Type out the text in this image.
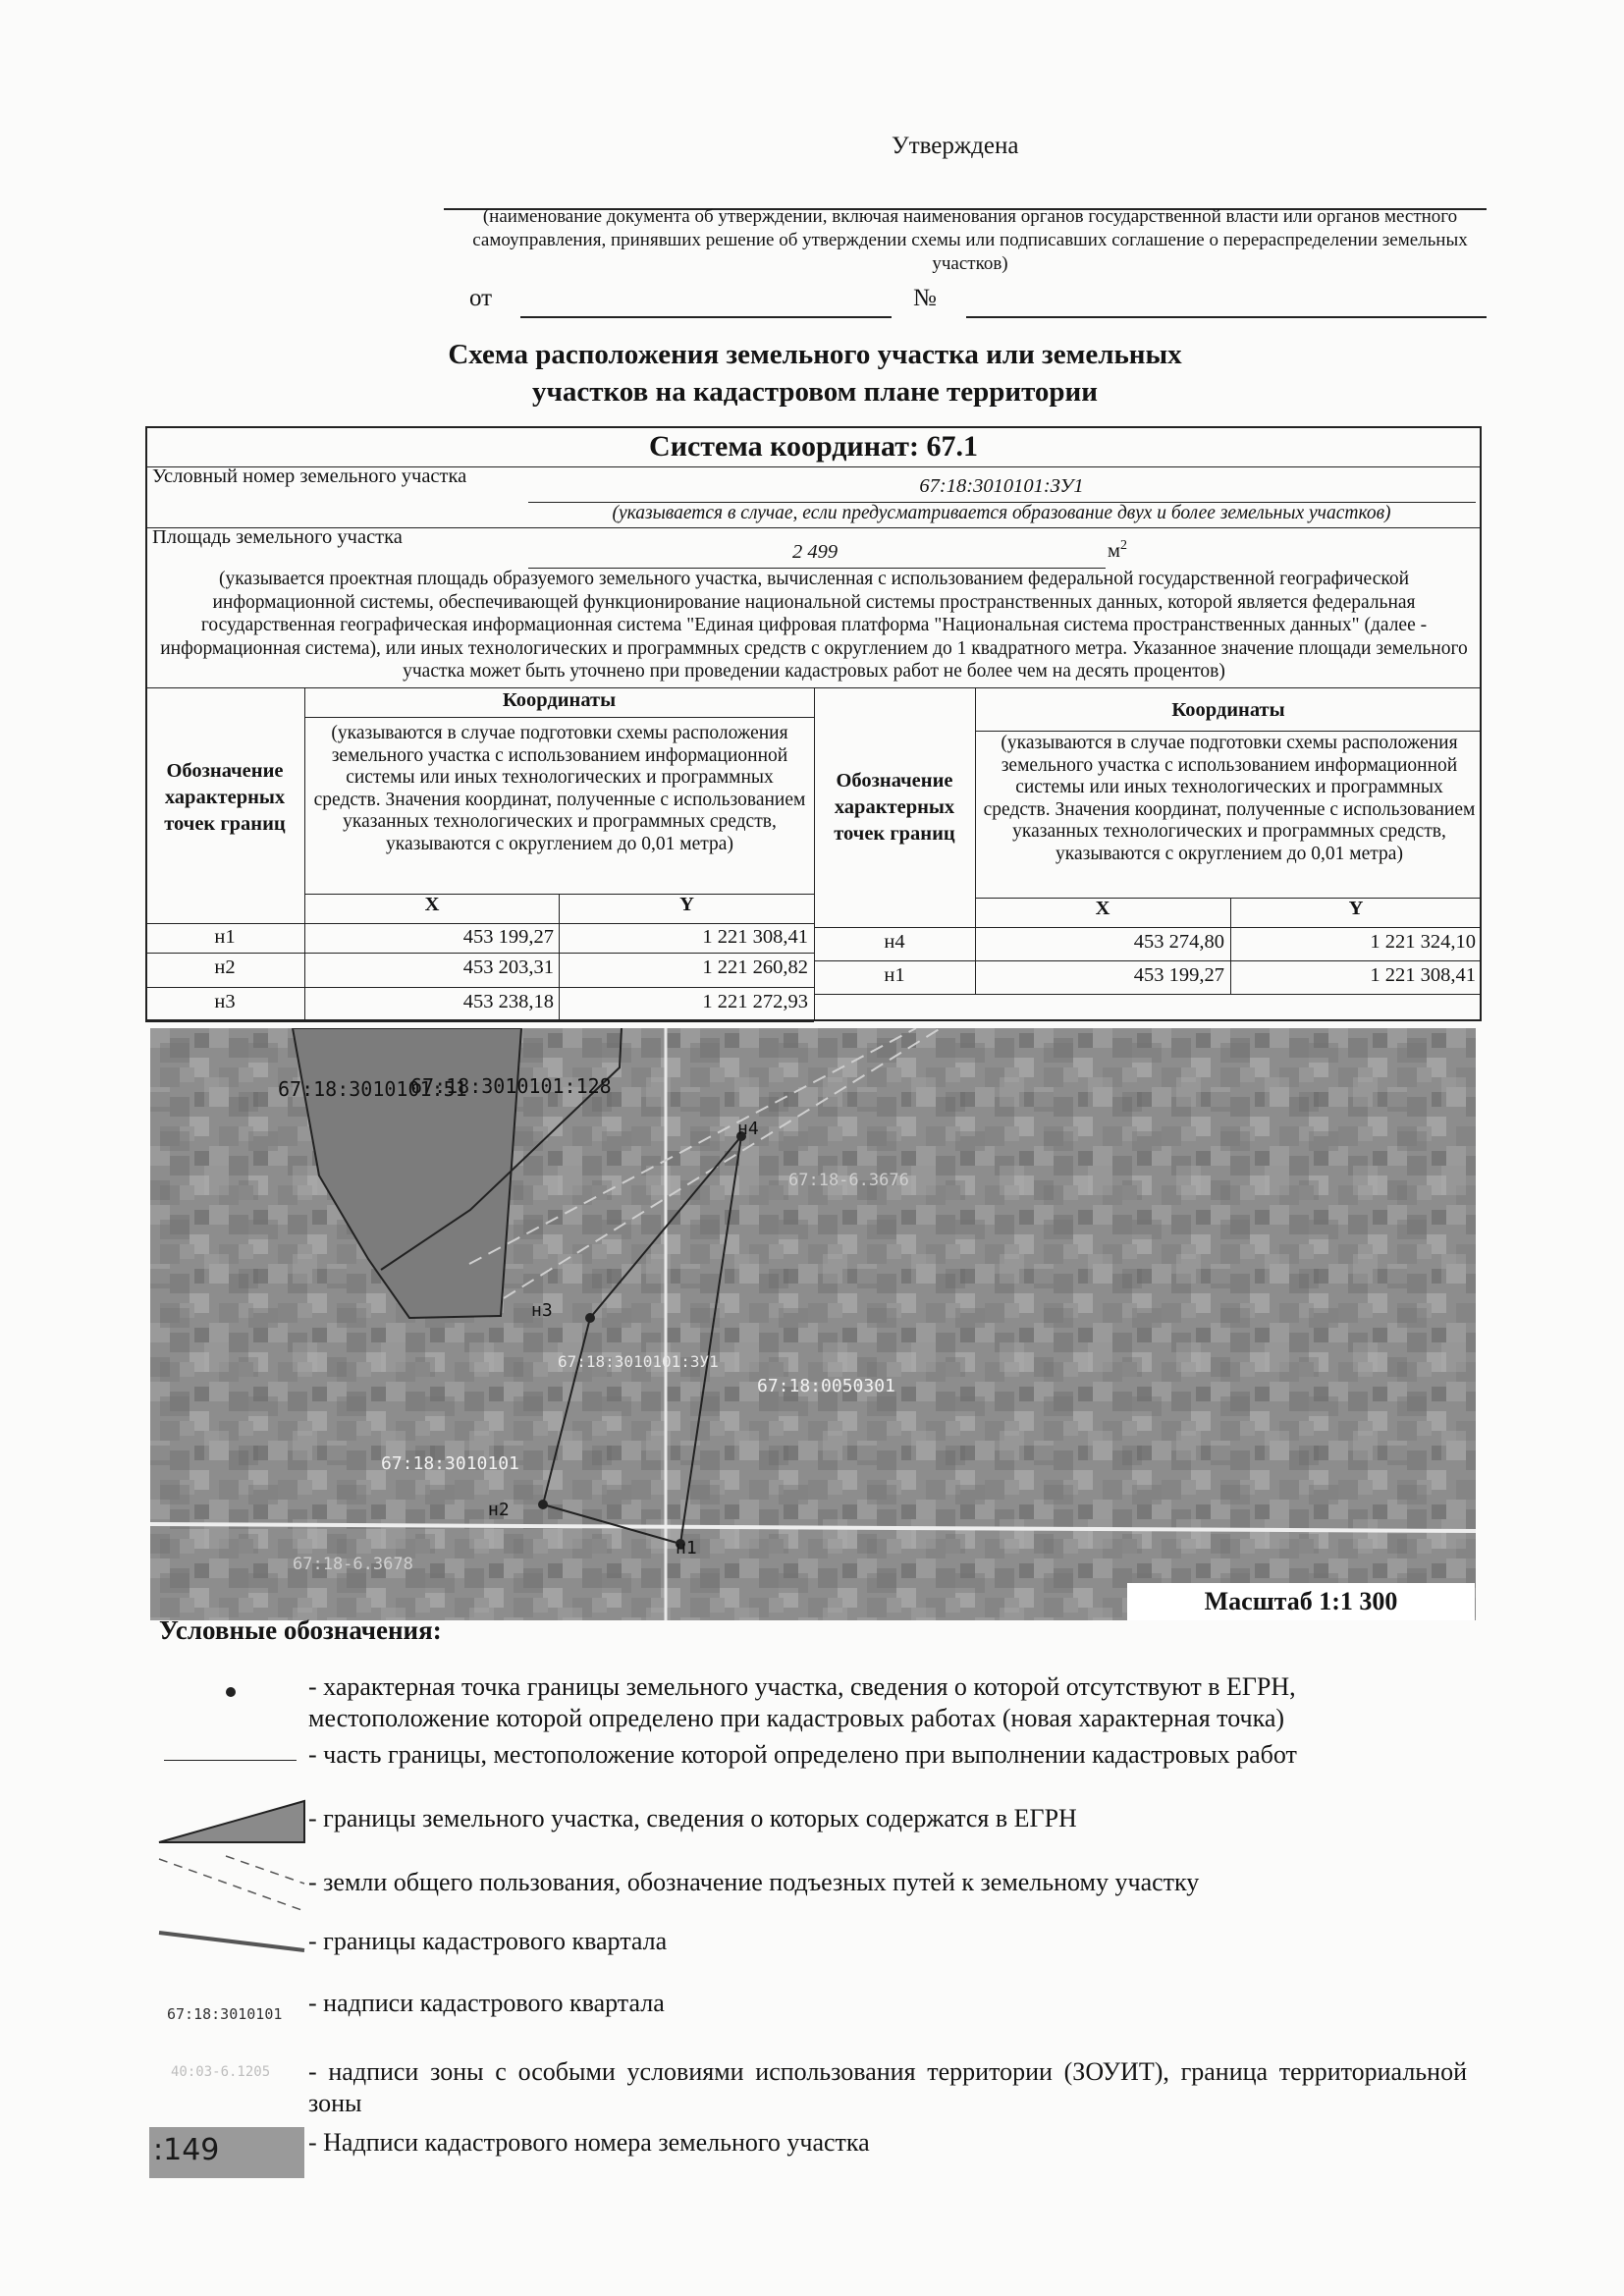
Утверждена
(наименование документа об утверждении, включая наименования органов государственной власти или органов местного самоуправления, принявших решение об утверждении схемы или подписавших соглашение о перераспределении земельных участков)
от	№
Схема расположения земельного участка или земельных
участков на кадастровом плане территории
Система координат: 67.1
Условный номер земельного участка	67:18:3010101:ЗУ1
(указывается в случае, если предусматривается образование двух и более земельных участков)
Площадь земельного участка
2 499	$м^2$
(указывается проектная площадь образуемого земельного участка, вычисленная с использованием федеральной государственной географической информационной системы, обеспечивающей функционирование национальной системы пространственных данных, которой является федеральная государственная географическая информационная система "Единая цифровая платформа "Национальная система пространственных данных" (далее - информационная система), или иных технологических и программных средств с округлением до 1 квадратного метра. Указанное значение площади земельного участка может быть уточнено при проведении кадастровых работ не более чем на десять процентов)
Обозначение характерных точек границ
Координаты
(указываются в случае подготовки схемы расположения земельного участка с использованием информационной системы или иных технологических и программных средств. Значения координат, полученные с использованием указанных технологических и программных средств, указываются с округлением до 0,01 метра)
X	Y
н1	453 199,27	1 221 308,41
н2	453 203,31	1 221 260,82
н3	453 238,18	1 221 272,93
Обозначение характерных точек границ
Координаты
(указываются в случае подготовки схемы расположения земельного участка с использованием информационной системы или иных технологических и программных средств. Значения координат, полученные с использованием указанных технологических и программных средств, указываются с округлением до 0,01 метра)
X	Y
н4	453 274,80	1 221 324,10
н1	453 199,27	1 221 308,41
67:18:3010101:51
67:18:3010101:128
67:18-6.3676
67:18:3010101:ЗУ1
67:18:0050301
67:18:3010101
67:18-6.3678
н1
н2
н3
н4
Масштаб 1:1 300
Условные обозначения:
- характерная точка границы земельного участка, сведения о которой отсутствуют в ЕГРН, местоположение которой определено при кадастровых работах (новая характерная точка)
- часть границы, местоположение которой определено при выполнении кадастровых работ
- границы земельного участка, сведения о которых содержатся в ЕГРН
- земли общего пользования, обозначение подъезных путей к земельному участку
- границы кадастрового квартала
67:18:3010101 - надписи кадастрового квартала
40:03-6.1205 - надписи зоны с особыми условиями использования территории (ЗОУИТ), граница территориальной зоны
:149	- Надписи кадастрового номера земельного участка
